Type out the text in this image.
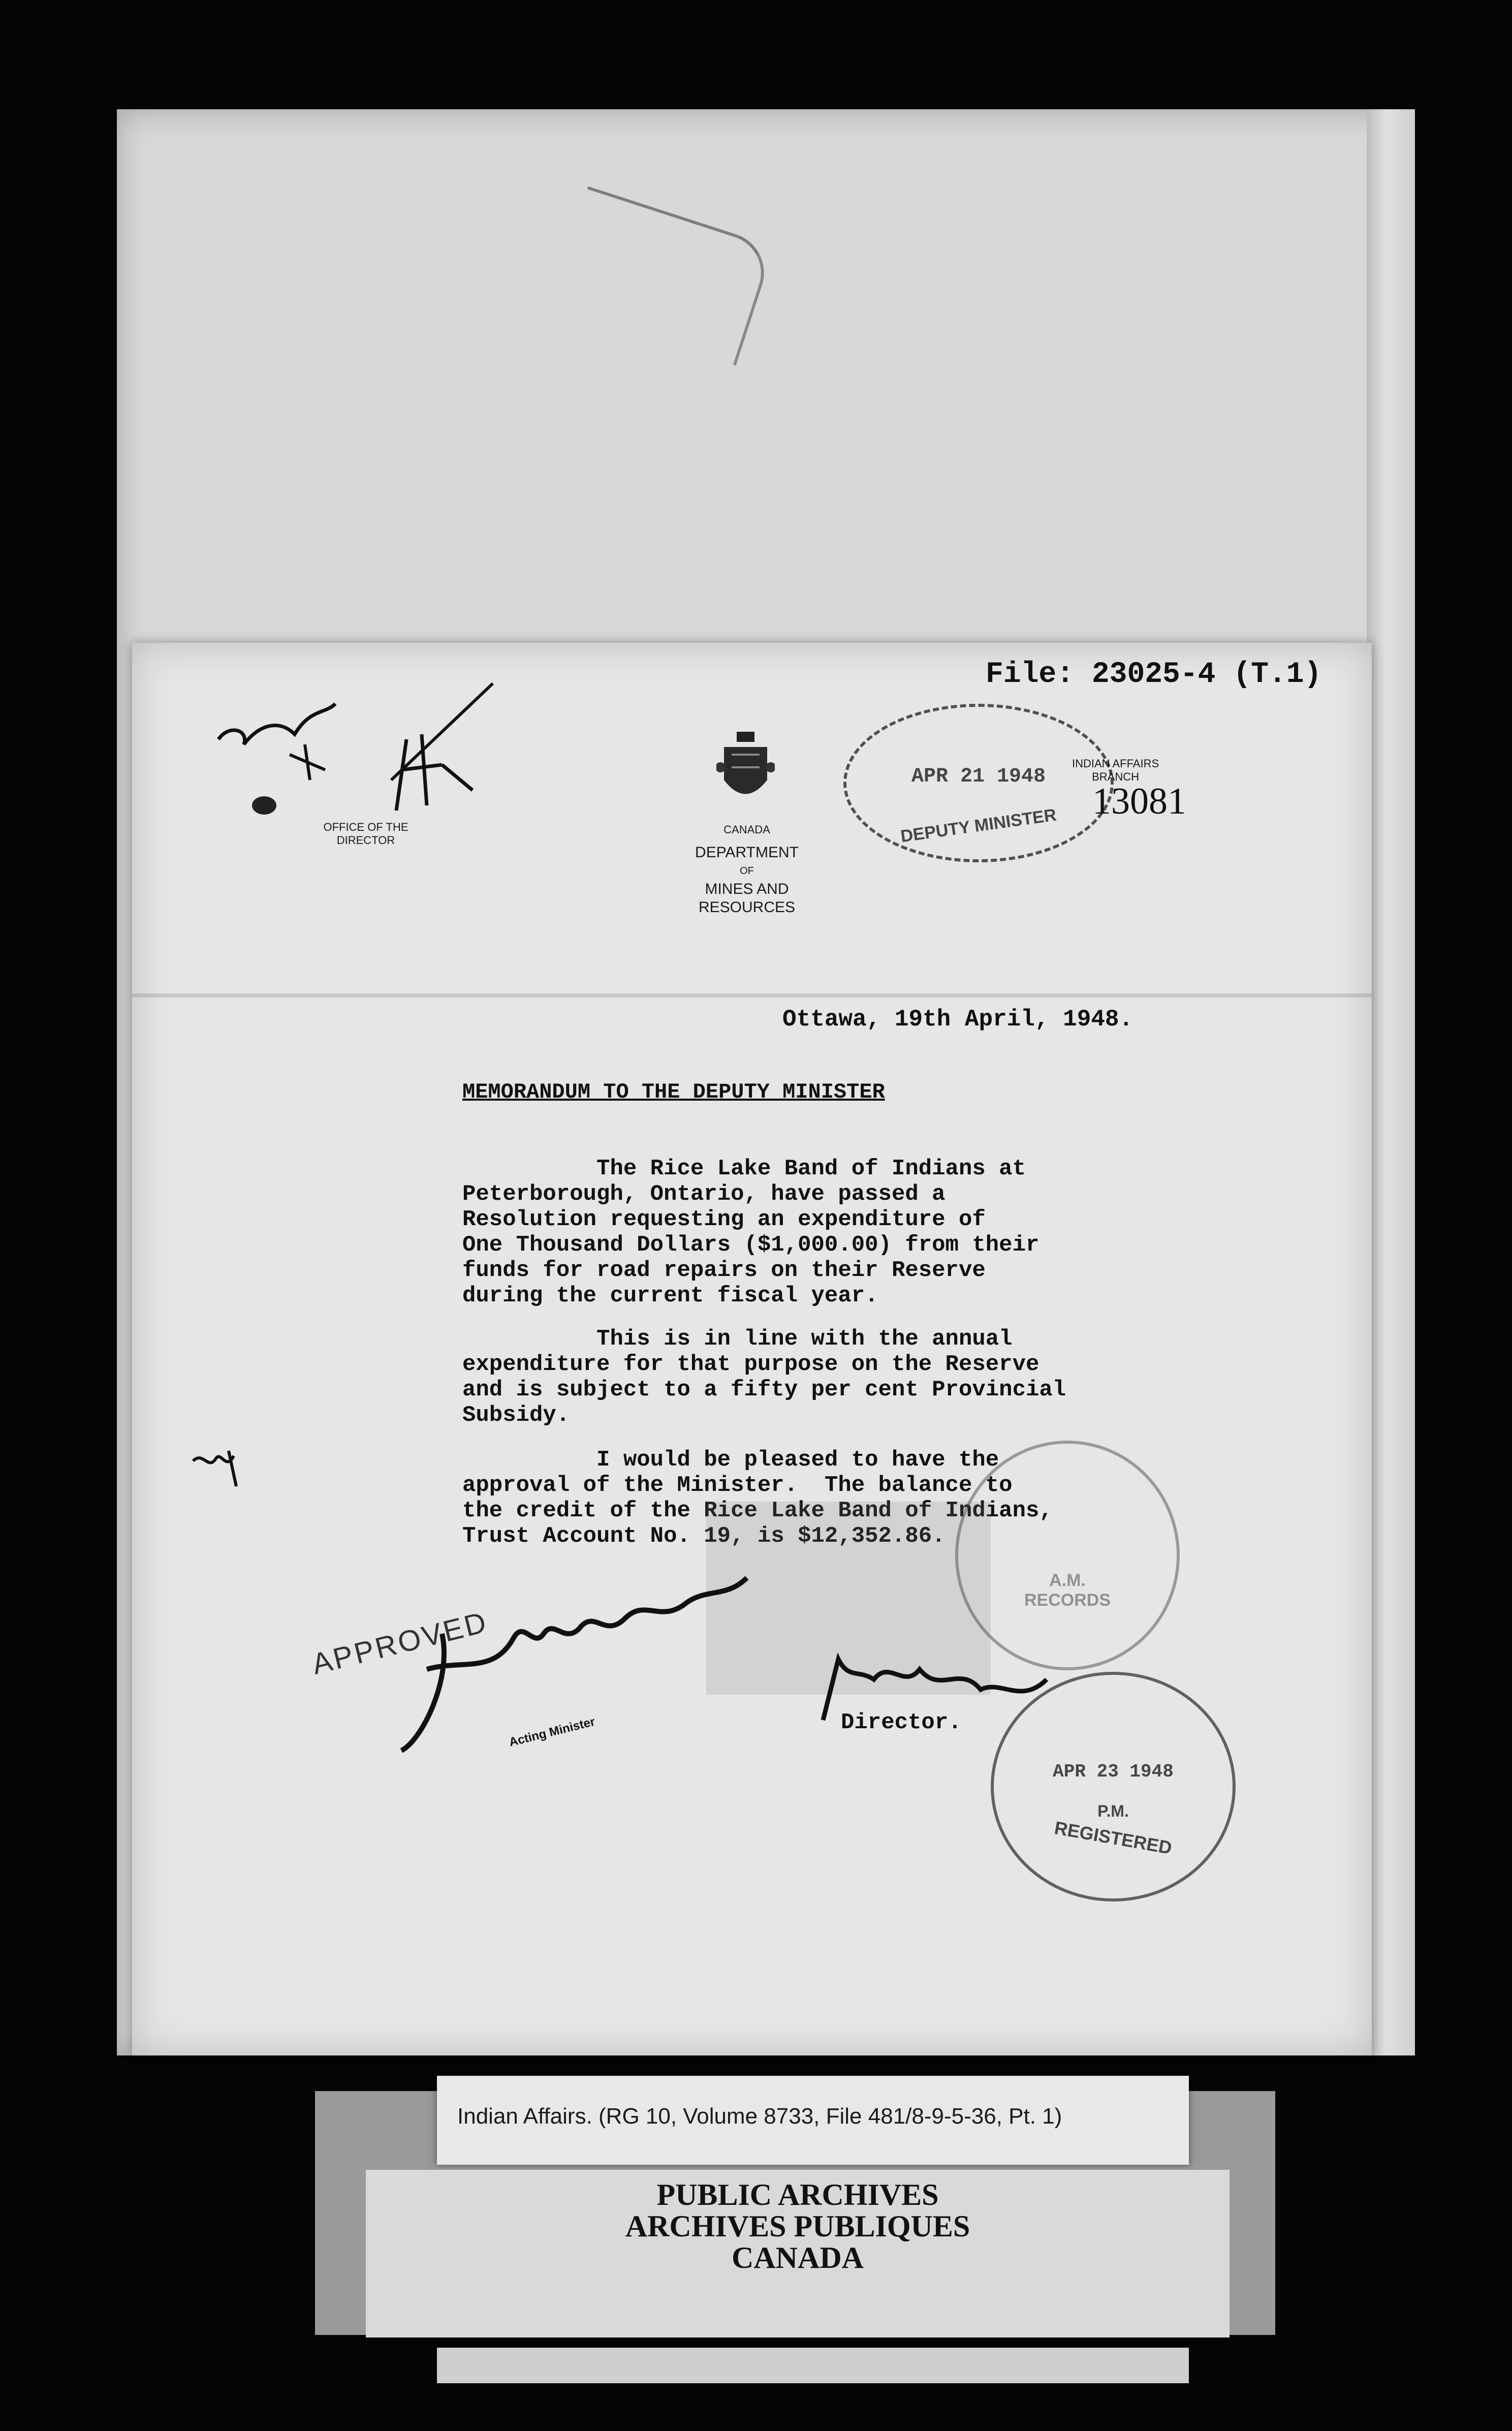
File: 23025-4 (T.1)
OFFICE OF THE
DIRECTOR
CANADA
DEPARTMENT
OF
MINES AND RESOURCES
APR 21 1948
DEPUTY MINISTER
INDIAN AFFAIRS
BRANCH
13081
Ottawa, 19th April, 1948.
MEMORANDUM TO THE DEPUTY MINISTER
The Rice Lake Band of Indians at
Peterborough, Ontario, have passed a
Resolution requesting an expenditure of
One Thousand Dollars ($1,000.00) from their
funds for road repairs on their Reserve
during the current fiscal year.
This is in line with the annual
expenditure for that purpose on the Reserve
and is subject to a fifty per cent Provincial
Subsidy.
I would be pleased to have the
approval of the Minister.  The balance to
the credit of the Rice Lake Band of Indians,
Trust Account No. 19, is $12,352.86.
A.M.
RECORDS
APPROVED
Acting Minister	Director.
APR 23 1948
P.M.
REGISTERED
Indian Affairs. (RG 10, Volume 8733, File 481/8-9-5-36, Pt. 1)
PUBLIC ARCHIVES
ARCHIVES PUBLIQUES
CANADA
